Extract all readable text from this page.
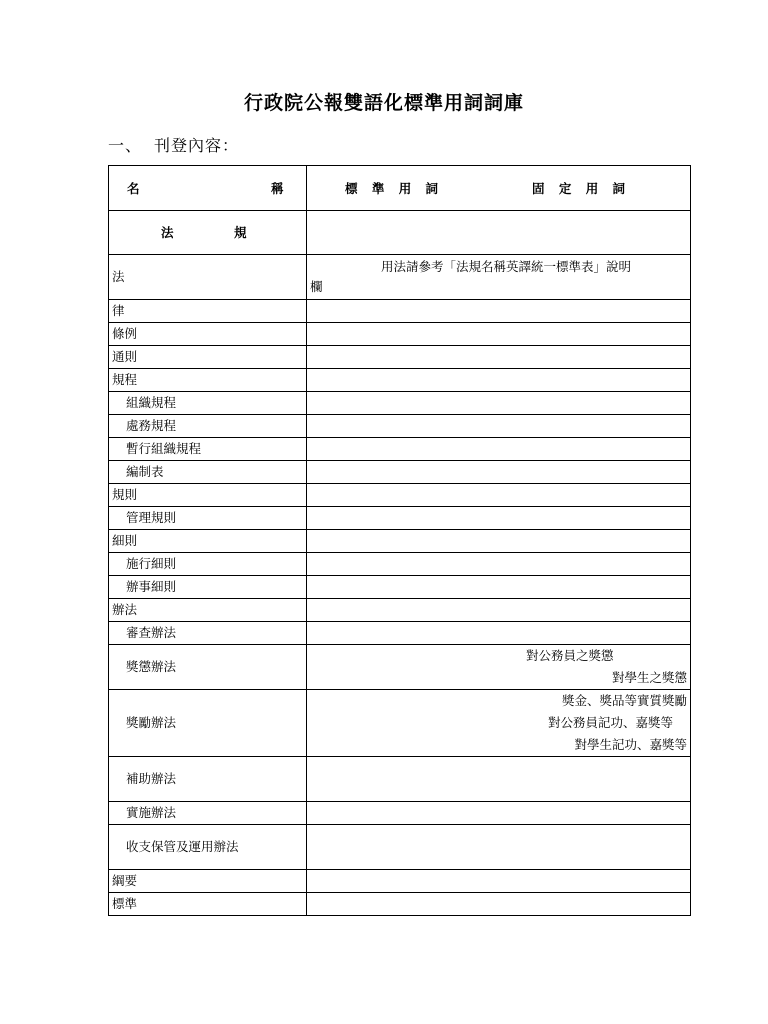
行政院公報雙語化標準用詞詞庫
一、 刊登內容：
名 稱	標 準 用 詞 固 定 用 詞

法 規	

法	用法請參考「法規名稱英譯統一標準表」說明
欄
律	
條例	
通則	
規程	
組織規程	
處務規程	
暫行組織規程	
編制表	
規則	
管理規則	
細則	
施行細則	
辦事細則	
辦法	
審查辦法	
獎懲辦法	對公務員之獎懲
對學生之獎懲

獎勵辦法	獎金、獎品等實質獎勵
對公務員記功、嘉獎等
對學生記功、嘉獎等

補助辦法	
實施辦法	
收支保管及運用辦法	
綱要	
標準	
